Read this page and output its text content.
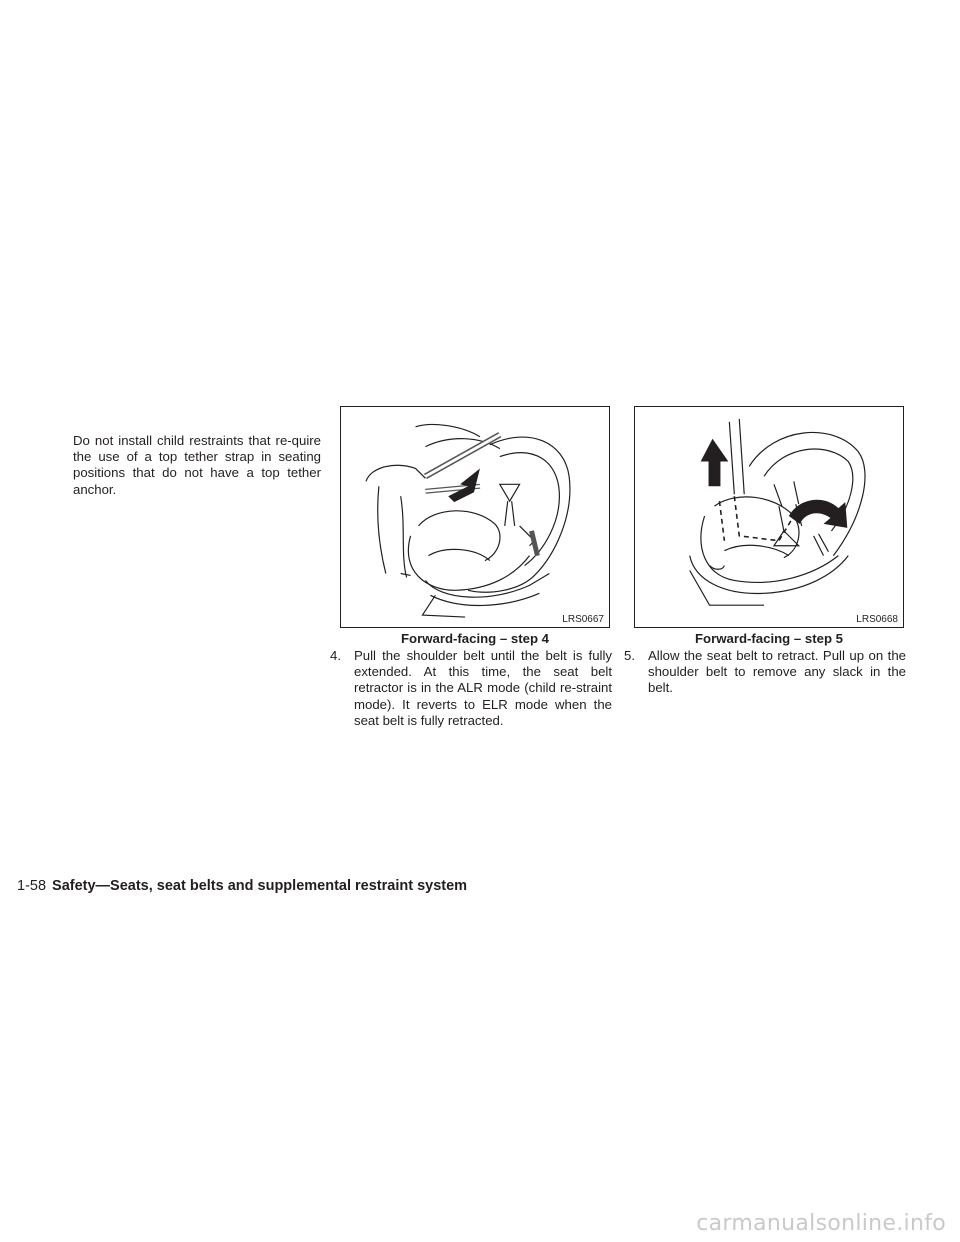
Do not install child restraints that re-quire the use of a top tether strap in seating positions that do not have a top tether anchor.
LRS0667
Forward-facing – step 4

4. Pull the shoulder belt until the belt is fully extended. At this time, the seat belt retractor is in the ALR mode (child re-straint mode). It reverts to ELR mode when the seat belt is fully retracted.

LRS0668
Forward-facing – step 5

5. Allow the seat belt to retract. Pull up on the shoulder belt to remove any slack in the belt.

1-58 Safety—Seats, seat belts and supplemental restraint system
carmanualsonline.info
